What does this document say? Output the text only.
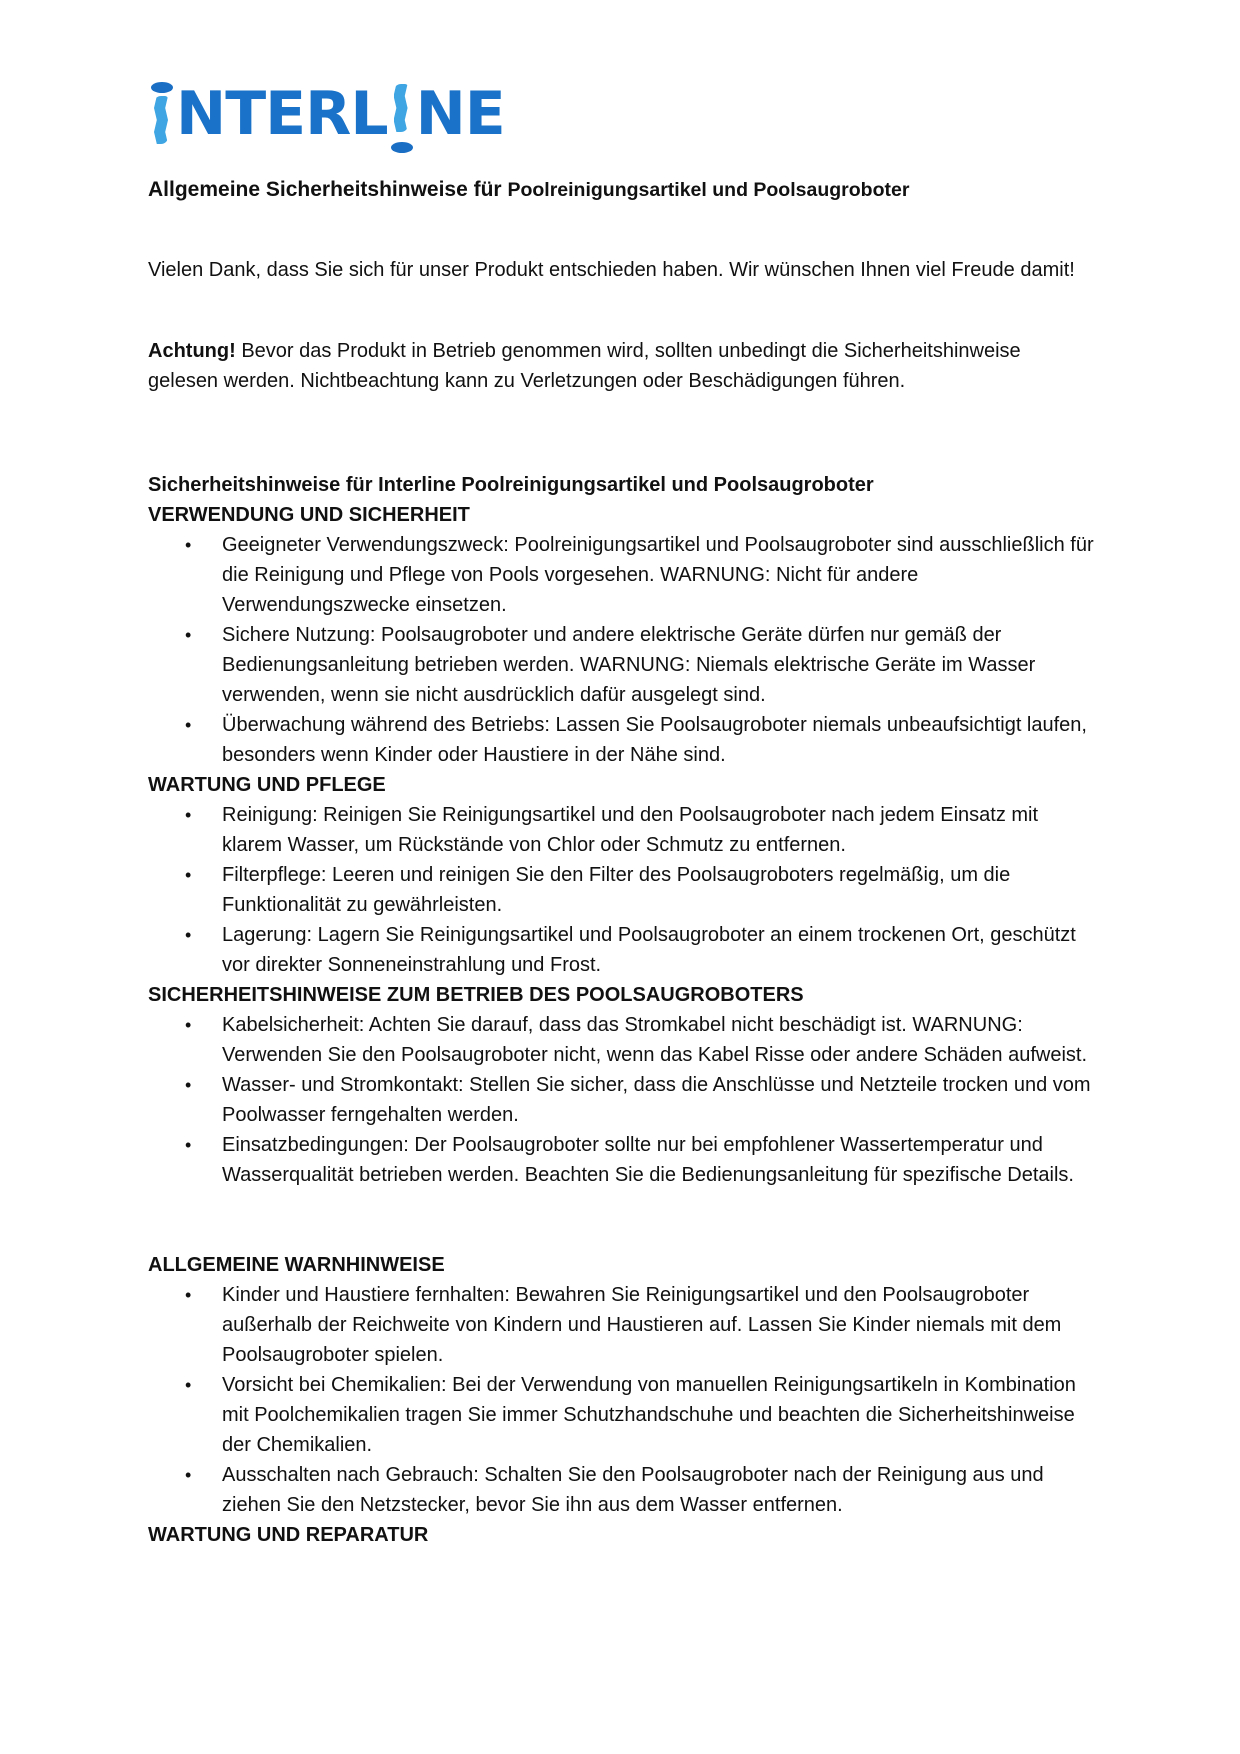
NTERL NE
Allgemeine Sicherheitshinweise für Poolreinigungsartikel und Poolsaugroboter
Vielen Dank, dass Sie sich für unser Produkt entschieden haben. Wir wünschen Ihnen viel Freude damit!
Achtung! Bevor das Produkt in Betrieb genommen wird, sollten unbedingt die Sicherheitshinweise gelesen werden. Nichtbeachtung kann zu Verletzungen oder Beschädigungen führen.
Sicherheitshinweise für Interline Poolreinigungsartikel und Poolsaugroboter
VERWENDUNG UND SICHERHEIT
• Geeigneter Verwendungszweck: Poolreinigungsartikel und Poolsaugroboter sind ausschließlich für die Reinigung und Pflege von Pools vorgesehen. WARNUNG: Nicht für andere Verwendungszwecke einsetzen.
• Sichere Nutzung: Poolsaugroboter und andere elektrische Geräte dürfen nur gemäß der Bedienungsanleitung betrieben werden. WARNUNG: Niemals elektrische Geräte im Wasser verwenden, wenn sie nicht ausdrücklich dafür ausgelegt sind.
• Überwachung während des Betriebs: Lassen Sie Poolsaugroboter niemals unbeaufsichtigt laufen, besonders wenn Kinder oder Haustiere in der Nähe sind.
WARTUNG UND PFLEGE
• Reinigung: Reinigen Sie Reinigungsartikel und den Poolsaugroboter nach jedem Einsatz mit klarem Wasser, um Rückstände von Chlor oder Schmutz zu entfernen.
• Filterpflege: Leeren und reinigen Sie den Filter des Poolsaugroboters regelmäßig, um die Funktionalität zu gewährleisten.
• Lagerung: Lagern Sie Reinigungsartikel und Poolsaugroboter an einem trockenen Ort, geschützt vor direkter Sonneneinstrahlung und Frost.
SICHERHEITSHINWEISE ZUM BETRIEB DES POOLSAUGROBOTERS
• Kabelsicherheit: Achten Sie darauf, dass das Stromkabel nicht beschädigt ist. WARNUNG: Verwenden Sie den Poolsaugroboter nicht, wenn das Kabel Risse oder andere Schäden aufweist.
• Wasser- und Stromkontakt: Stellen Sie sicher, dass die Anschlüsse und Netzteile trocken und vom Poolwasser ferngehalten werden.
• Einsatzbedingungen: Der Poolsaugroboter sollte nur bei empfohlener Wassertemperatur und Wasserqualität betrieben werden. Beachten Sie die Bedienungsanleitung für spezifische Details.
ALLGEMEINE WARNHINWEISE
• Kinder und Haustiere fernhalten: Bewahren Sie Reinigungsartikel und den Poolsaugroboter außerhalb der Reichweite von Kindern und Haustieren auf. Lassen Sie Kinder niemals mit dem Poolsaugroboter spielen.
• Vorsicht bei Chemikalien: Bei der Verwendung von manuellen Reinigungsartikeln in Kombination mit Poolchemikalien tragen Sie immer Schutzhandschuhe und beachten die Sicherheitshinweise der Chemikalien.
• Ausschalten nach Gebrauch: Schalten Sie den Poolsaugroboter nach der Reinigung aus und ziehen Sie den Netzstecker, bevor Sie ihn aus dem Wasser entfernen.
WARTUNG UND REPARATUR
